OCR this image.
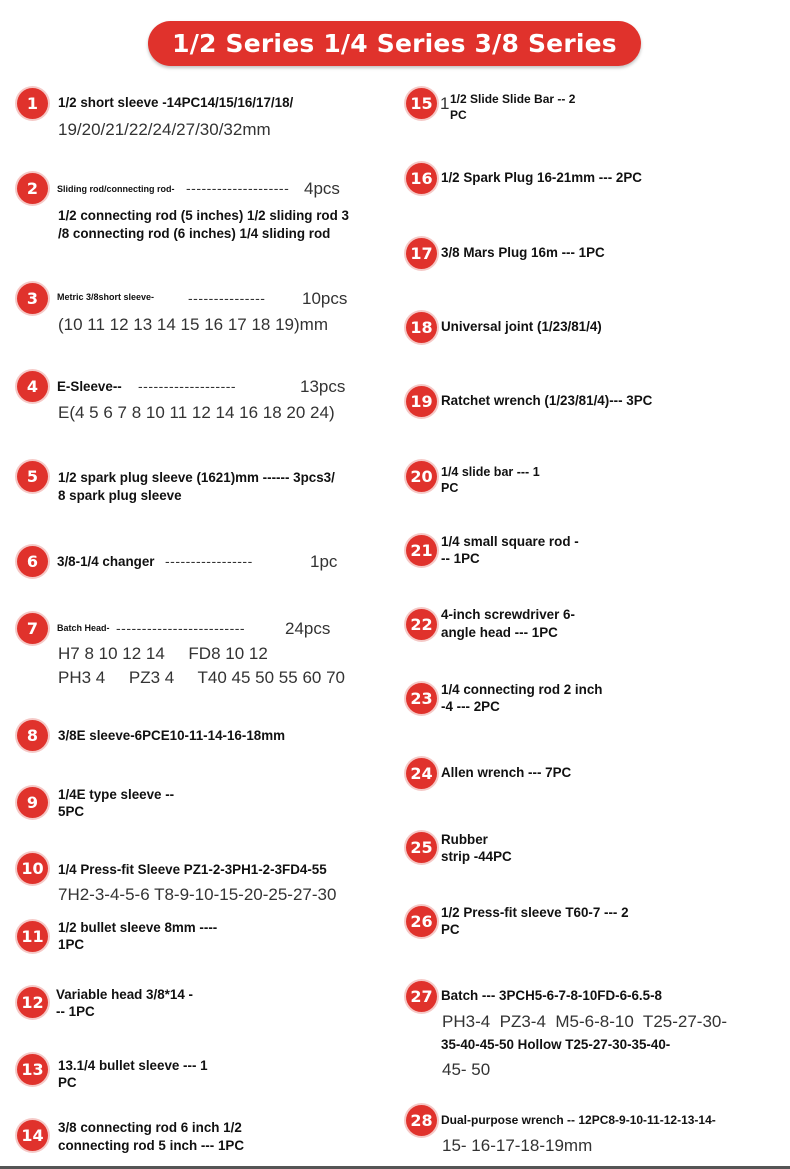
1/2 Series 1/4 Series 3/8 Series
1	1/2 short sleeve -14PC14/15/16/17/18/
19/20/21/22/24/27/30/32mm
2	Sliding rod/connecting rod- -------------------- 4pcs
1/2 connecting rod (5 inches) 1/2 sliding rod 3
/8 connecting rod (6 inches) 1/4 sliding rod
3	Metric 3/8short sleeve- --------------- 10pcs
(10 11 12 13 14 15 16 17 18 19)mm
4	E-Sleeve-- -------------------	13pcs
E(4 5 6 7 8 10 11 12 14 16 18 20 24)
5	1/2 spark plug sleeve (1621)mm ------ 3pcs3/
8 spark plug sleeve
6	3/8-1/4 changer -----------------	1pc
7	Batch Head- ------------------------- 24pcs
H7 8 10 12 14     FD8 10 12
PH3 4     PZ3 4     T40 45 50 55 60 70
8	3/8E sleeve-6PCE10-11-14-16-18mm
9	1/4E type sleeve --
5PC
10	1/4 Press-fit Sleeve PZ1-2-3PH1-2-3FD4-55
7H2-3-4-5-6 T8-9-10-15-20-25-27-30
11	1/2 bullet sleeve 8mm ----
1PC
12 Variable head 3/8*14 -
-- 1PC
13	13.1/4 bullet sleeve --- 1
PC
14	3/8 connecting rod 6 inch 1/2
connecting rod 5 inch --- 1PC
15 1 1/2 Slide Slide Bar -- 2
PC
16 1/2 Spark Plug 16-21mm --- 2PC
17 3/8 Mars Plug 16m --- 1PC
18 Universal joint (1/23/81/4)
19 Ratchet wrench (1/23/81/4)--- 3PC
20 1/4 slide bar --- 1
PC
21 1/4 small square rod -
-- 1PC
22
4-inch screwdriver 6-
angle head --- 1PC
23 1/4 connecting rod 2 inch
-4 --- 2PC
24 Allen wrench --- 7PC
25 Rubber
strip -44PC
26 1/2 Press-fit sleeve T60-7 --- 2
PC
27 Batch --- 3PCH5-6-7-8-10FD-6-6.5-8
PH3-4  PZ3-4  M5-6-8-10  T25-27-30-
35-40-45-50 Hollow T25-27-30-35-40-
45- 50
28 Dual-purpose wrench -- 12PC8-9-10-11-12-13-14-
15- 16-17-18-19mm
